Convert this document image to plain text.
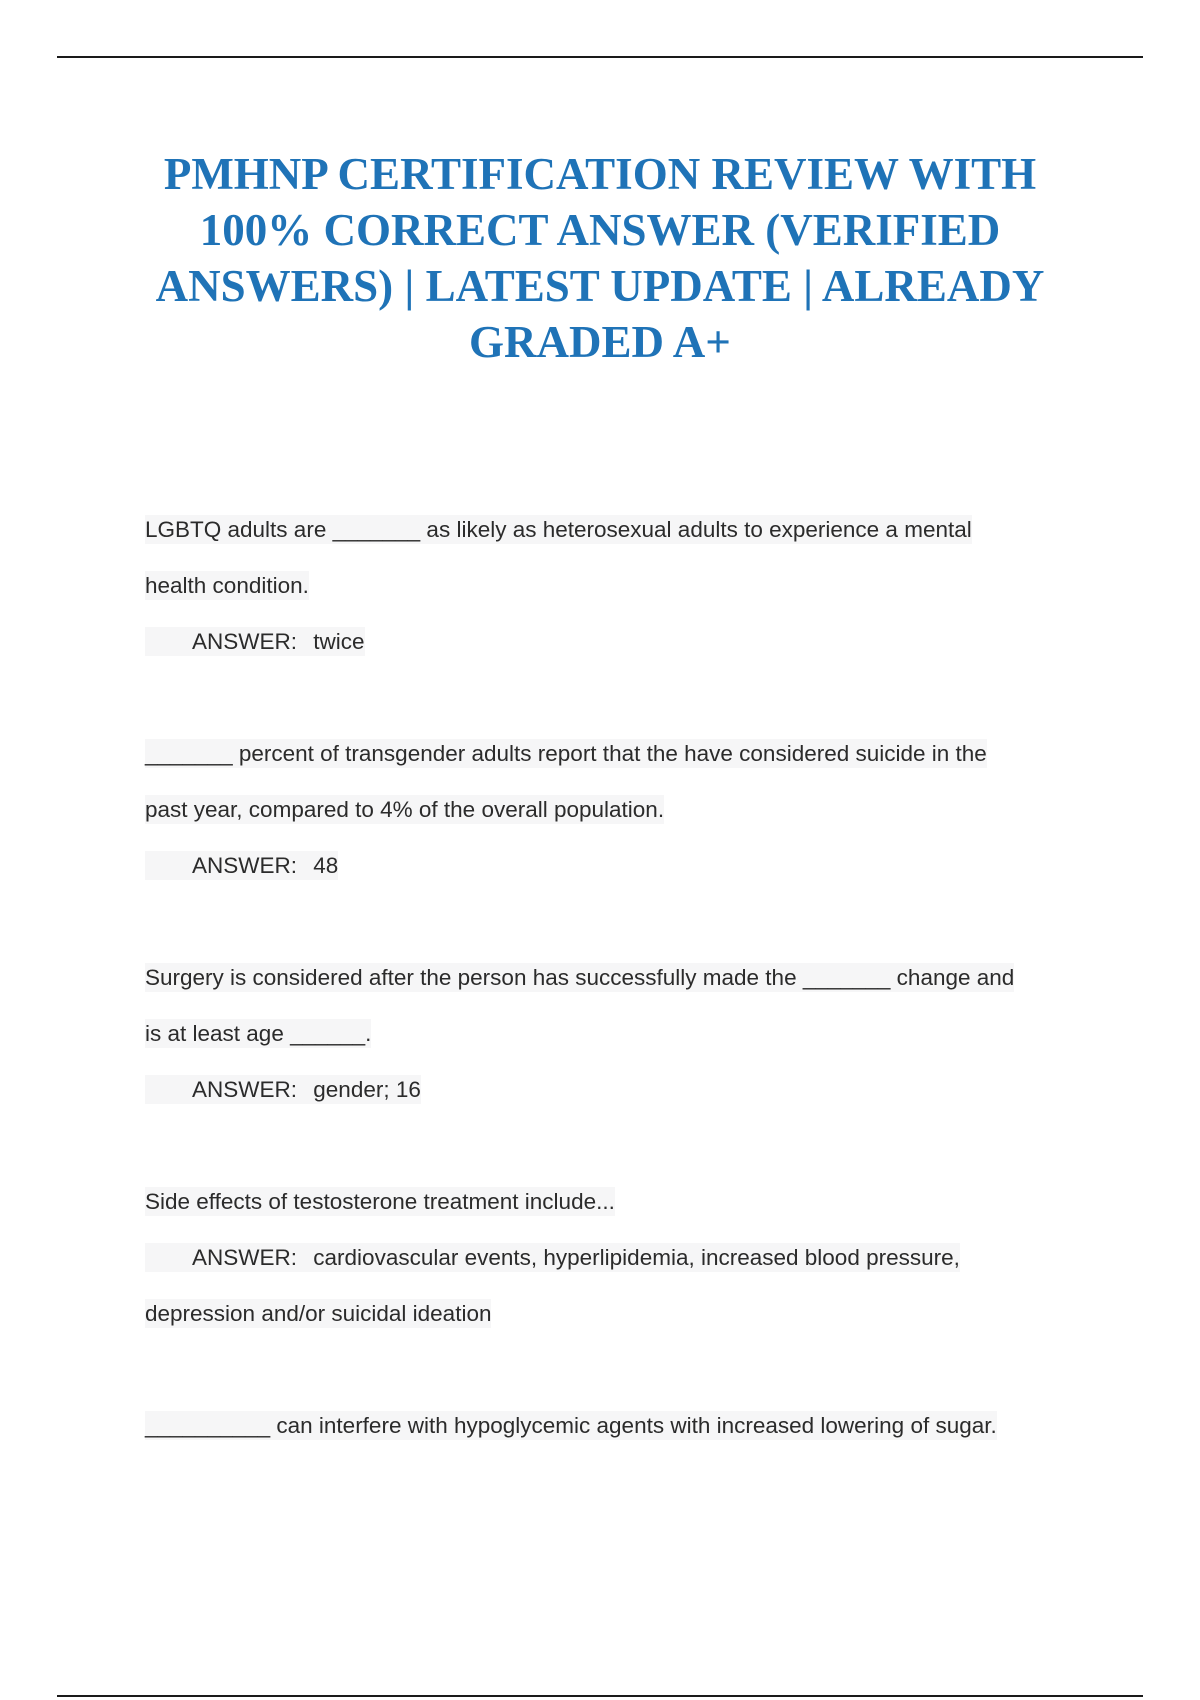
PMHNP CERTIFICATION REVIEW WITH 100% CORRECT ANSWER (VERIFIED ANSWERS) | LATEST UPDATE | ALREADY GRADED A+

LGBTQ adults are _______ as likely as heterosexual adults to experience a mental

health condition.

ANSWER: twice

_______ percent of transgender adults report that the have considered suicide in the

past year, compared to 4% of the overall population.

ANSWER: 48

Surgery is considered after the person has successfully made the _______ change and

is at least age ______.

ANSWER: gender; 16

Side effects of testosterone treatment include...

ANSWER: cardiovascular events, hyperlipidemia, increased blood pressure,

depression and/or suicidal ideation

__________ can interfere with hypoglycemic agents with increased lowering of sugar.
